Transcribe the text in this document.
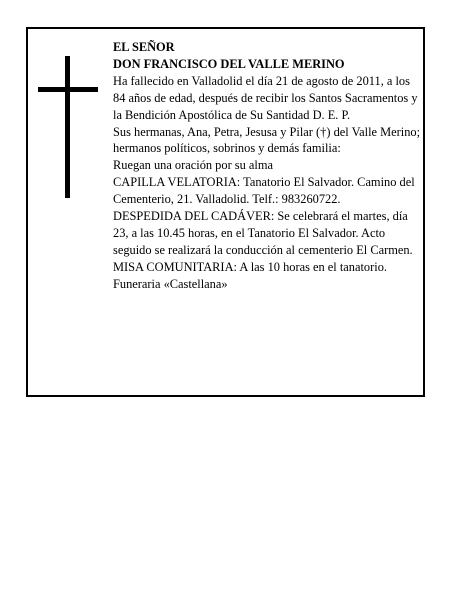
EL SEÑOR

DON FRANCISCO DEL VALLE MERINO

Ha fallecido en Valladolid el día 21 de agosto de 2011, a los 84 años de edad, después de recibir los Santos Sacramentos y la Bendición Apostólica de Su Santidad D. E. P.

Sus hermanas, Ana, Petra, Jesusa y Pilar (†) del Valle Merino; hermanos políticos, sobrinos y demás familia:

Ruegan una oración por su alma

CAPILLA VELATORIA: Tanatorio El Salvador. Camino del Cementerio, 21. Valladolid. Telf.: 983260722.

DESPEDIDA DEL CADÁVER: Se celebrará el martes, día 23, a las 10.45 horas, en el Tanatorio El Salvador. Acto seguido se realizará la conducción al cementerio El Carmen.

MISA COMUNITARIA: A las 10 horas en el tanatorio.

Funeraria «Castellana»
